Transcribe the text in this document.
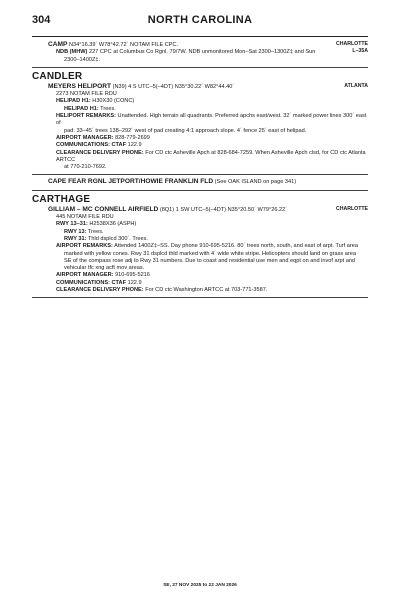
304	NORTH CAROLINA
CHARLOTTE
L–35A
CAMP N34°16.39´ W78°42.72´ NOTAM FILE CPC.
NDB (MHW) 227 CPC at Columbus Co Rgnl. 79/7W. NDB unmonitored Mon–Sat 2300–1300Z‡ and Sun
2300–1400Z‡.
CANDLER
ATLANTA
MEYERS HELIPORT (N39) 4 S UTC–5(–4DT) N35°30.22´ W82°44.40´
2273 NOTAM FILE RDU
HELIPAD H1: H30X30 (CONC)
HELIPAD H1: Trees.
HELIPORT REMARKS: Unattended. High terrain all quadrants. Preferred apchs east/west. 32´ marked power lines 300´ east of
pad. 33–45´ trees 138–292´ west of pad creating 4:1 approach slope. 4´ fence 25´ east of helipad.
AIRPORT MANAGER: 828-779-2699
COMMUNICATIONS: CTAF 122.9
CLEARANCE DELIVERY PHONE: For CD ctc Asheville Apch at 828-684-7259. When Asheville Apch clsd, for CD ctc Atlanta ARTCC
at 770-210-7692.
CAPE FEAR RGNL JETPORT/HOWIE FRANKLIN FLD (See OAK ISLAND on page 341)
CARTHAGE
CHARLOTTE
GILLIAM – MC CONNELL AIRFIELD (8Q1) 1 SW UTC–5(–4DT) N35°20.50´ W79°26.22´
445 NOTAM FILE RDU
RWY 13–31: H2538X36 (ASPH)
RWY 13: Trees.
RWY 31: Thld dsplcd 300´. Trees.
AIRPORT REMARKS: Attended 1400Z‡–SS. Day phone 910-695-5216. 80´ trees north, south, and east of arpt. Turf area
marked with yellow cones. Rwy 31 dsplcd thld marked with 4´ wide white stripe. Helicopters should land on grass area
SE of the compass rose adj to Rwy 31 numbers. Due to coast and residential use men and eqpt on and invof arpt and
vehicular tfc xng acft mov areas.
AIRPORT MANAGER: 910-695-5216
COMMUNICATIONS: CTAF 122.9
CLEARANCE DELIVERY PHONE: For CD ctc Washington ARTCC at 703-771-3587.
SE, 27 NOV 2025 to 22 JAN 2026
